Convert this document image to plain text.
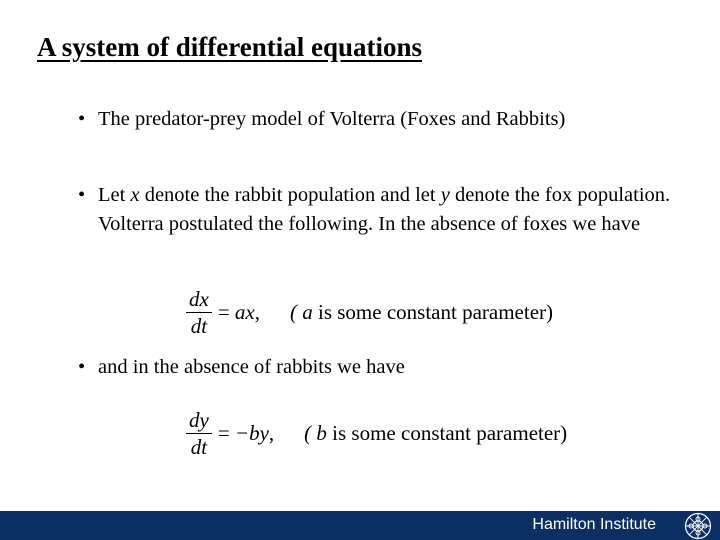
A system of differential equations
• The predator-prey model of Volterra (Foxes and Rabbits)
• Let x denote the rabbit population and let y denote the fox population. Volterra postulated the following. In the absence of foxes we have
$\frac{dx}{dt}$ = ax, ( a is some constant parameter)
• and in the absence of rabbits we have
$\frac{dy}{dt} = -by$, ( b is some constant parameter)
Hamilton Institute
